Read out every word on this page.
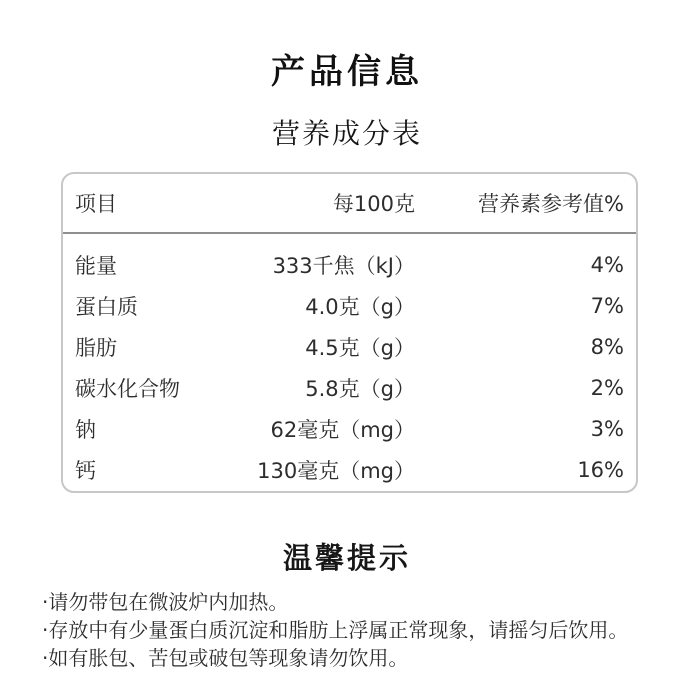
产品信息
营养成分表
项目	每100克	营养素参考值%
能量	333千焦（kJ）	4%
蛋白质	4.0克（g）	7%
脂肪	4.5克（g）	8%
碳水化合物	5.8克（g）	2%
钠	62毫克（mg）	3%
钙	130毫克（mg）	16%
温馨提示
·请勿带包在微波炉内加热。
·存放中有少量蛋白质沉淀和脂肪上浮属正常现象，请摇匀后饮用。
·如有胀包、苦包或破包等现象请勿饮用。
